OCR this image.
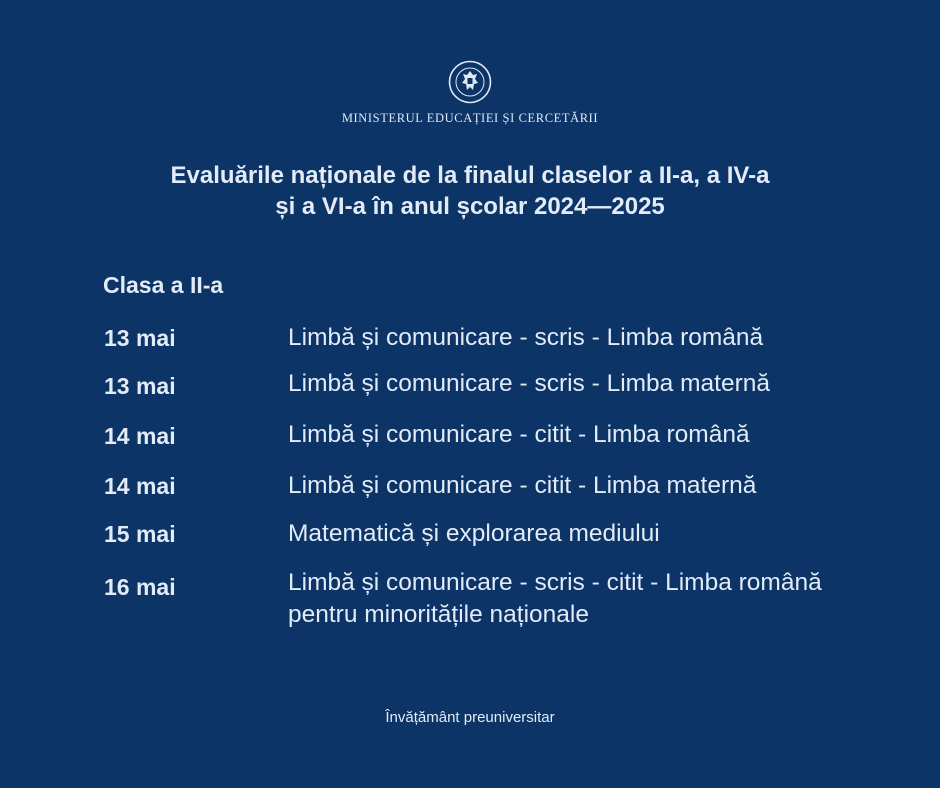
MINISTERUL EDUCAȚIEI ȘI CERCETĂRII
Evaluările naționale de la finalul claselor a II-a, a IV-a
și a VI-a în anul școlar 2024—2025
Clasa a II-a
13 mai	Limbă și comunicare - scris - Limba română
13 mai	Limbă și comunicare - scris - Limba maternă
14 mai	Limbă și comunicare - citit - Limba română
14 mai	Limbă și comunicare - citit - Limba maternă
15 mai	Matematică și explorarea mediului
16 mai	Limbă și comunicare - scris - citit - Limba română pentru minoritățile naționale
Învățământ preuniversitar
